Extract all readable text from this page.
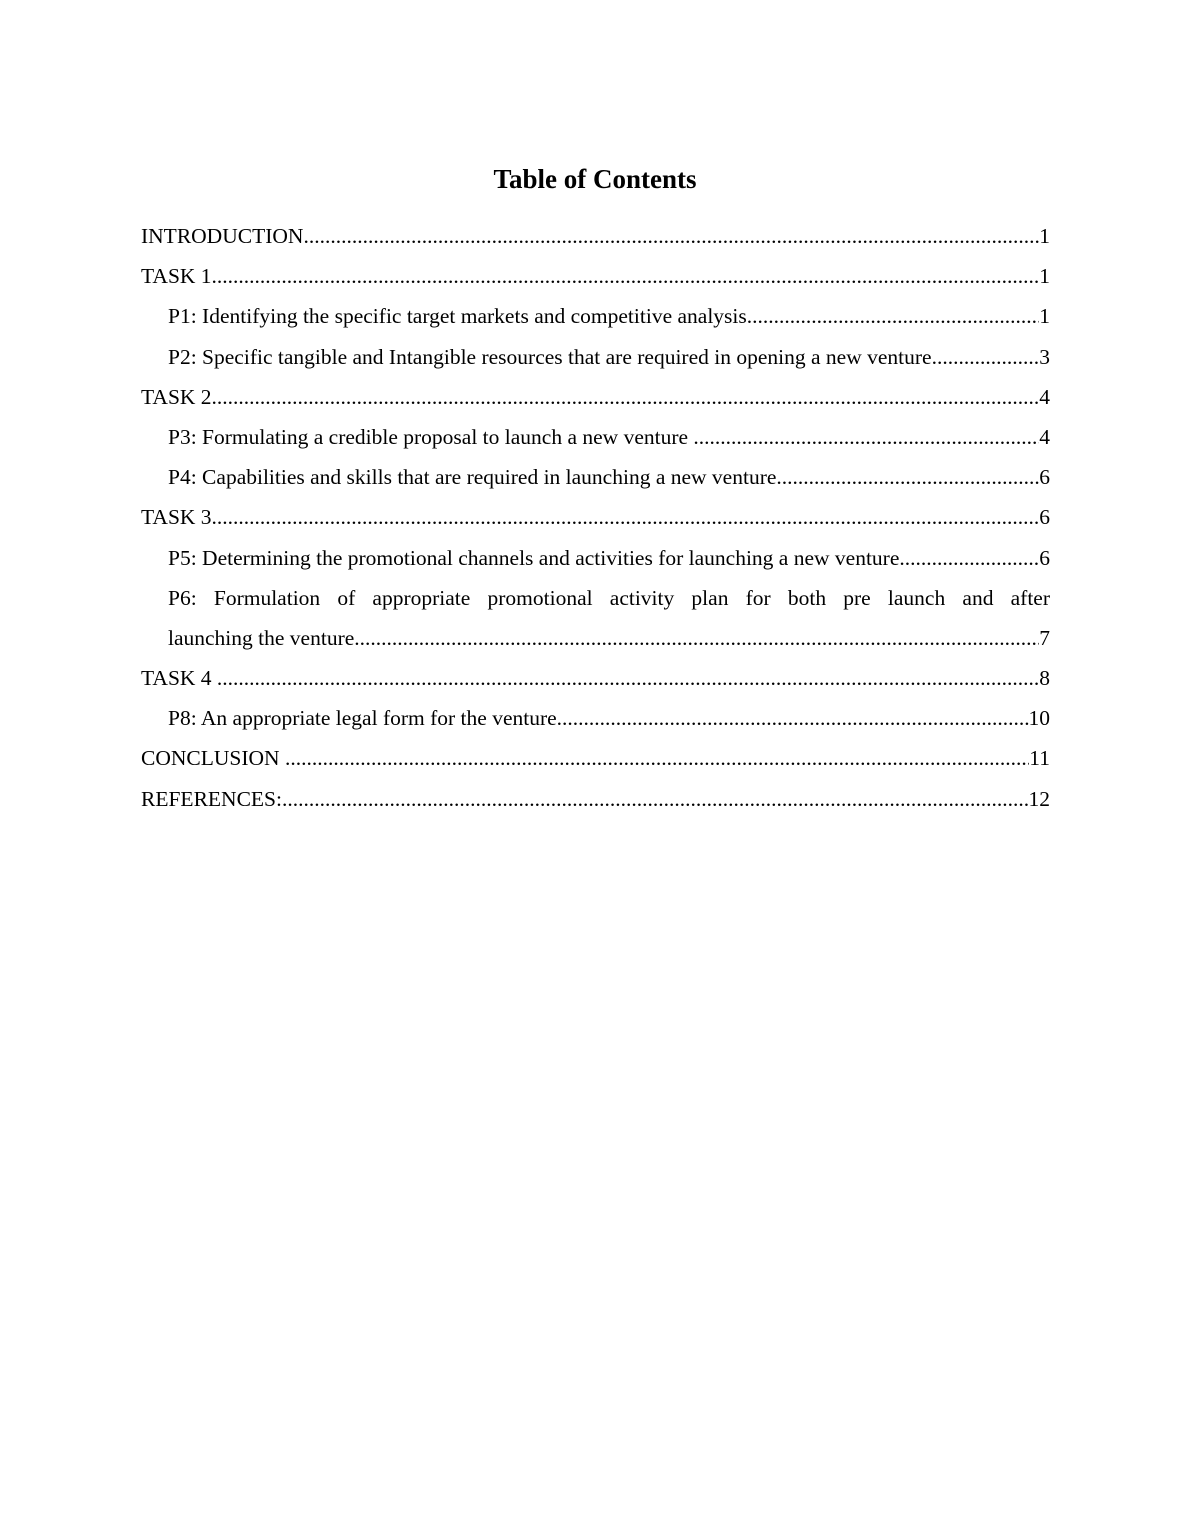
Table of Contents
INTRODUCTION .....	1
TASK 1 .....	1
P1: Identifying the specific target markets and competitive analysis .....	1
P2: Specific tangible and Intangible resources that are required in opening a new venture .....	3
TASK 2 .....	4
P3: Formulating a credible proposal to launch a new venture .....	4
P4: Capabilities and skills that are required in launching a new venture .....	6
TASK 3 .....	6
P5: Determining the promotional channels and activities for launching a new venture .....	6
P6: Formulation of appropriate promotional activity plan for both pre launch and after
launching the venture .....	7
TASK 4 .....	8
P8: An appropriate legal form for the venture .....	10
CONCLUSION .....	11
REFERENCES: .....	12
